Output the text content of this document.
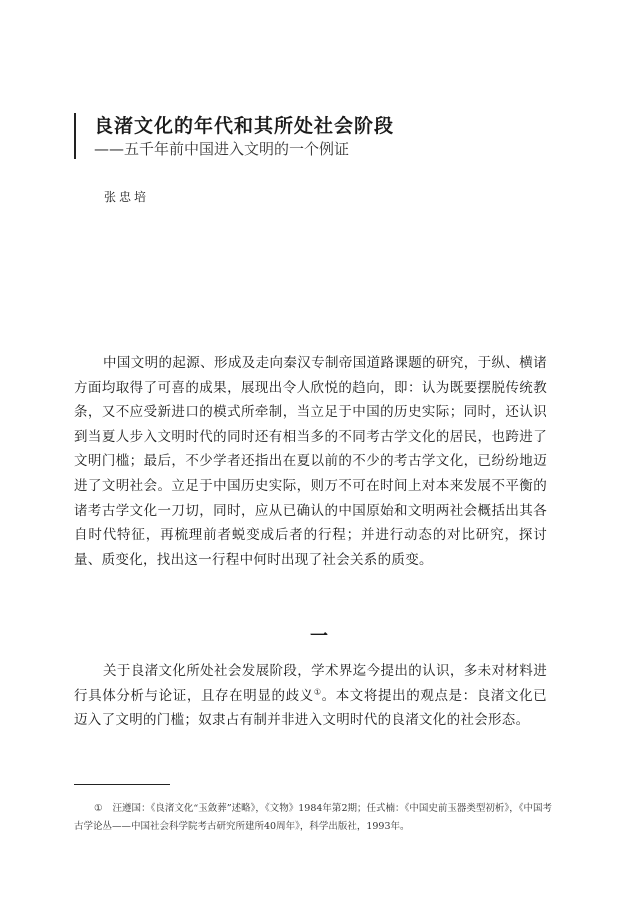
良渚文化的年代和其所处社会阶段

——五千年前中国进入文明的一个例证

张忠培

中国文明的起源、形成及走向秦汉专制帝国道路课题的研究，于纵、横诸方面均取得了可喜的成果，展现出令人欣悦的趋向，即：认为既要摆脱传统教条，又不应受新进口的模式所牵制，当立足于中国的历史实际；同时，还认识到当夏人步入文明时代的同时还有相当多的不同考古学文化的居民，也跨进了文明门槛；最后，不少学者还指出在夏以前的不少的考古学文化，已纷纷地迈进了文明社会。立足于中国历史实际，则万不可在时间上对本来发展不平衡的诸考古学文化一刀切，同时，应从已确认的中国原始和文明两社会概括出其各自时代特征，再梳理前者蜕变成后者的行程；并进行动态的对比研究，探讨量、质变化，找出这一行程中何时出现了社会关系的质变。

一

关于良渚文化所处社会发展阶段，学术界迄今提出的认识，多未对材料进行具体分析与论证，且存在明显的歧义①。本文将提出的观点是：良渚文化已迈入了文明的门槛；奴隶占有制并非进入文明时代的良渚文化的社会形态。

① 汪遵国：《良渚文化“玉敛葬”述略》，《文物》1984年第2期；任式楠：《中国史前玉器类型初析》，《中国考古学论丛——中国社会科学院考古研究所建所40周年》，科学出版社，1993年。
